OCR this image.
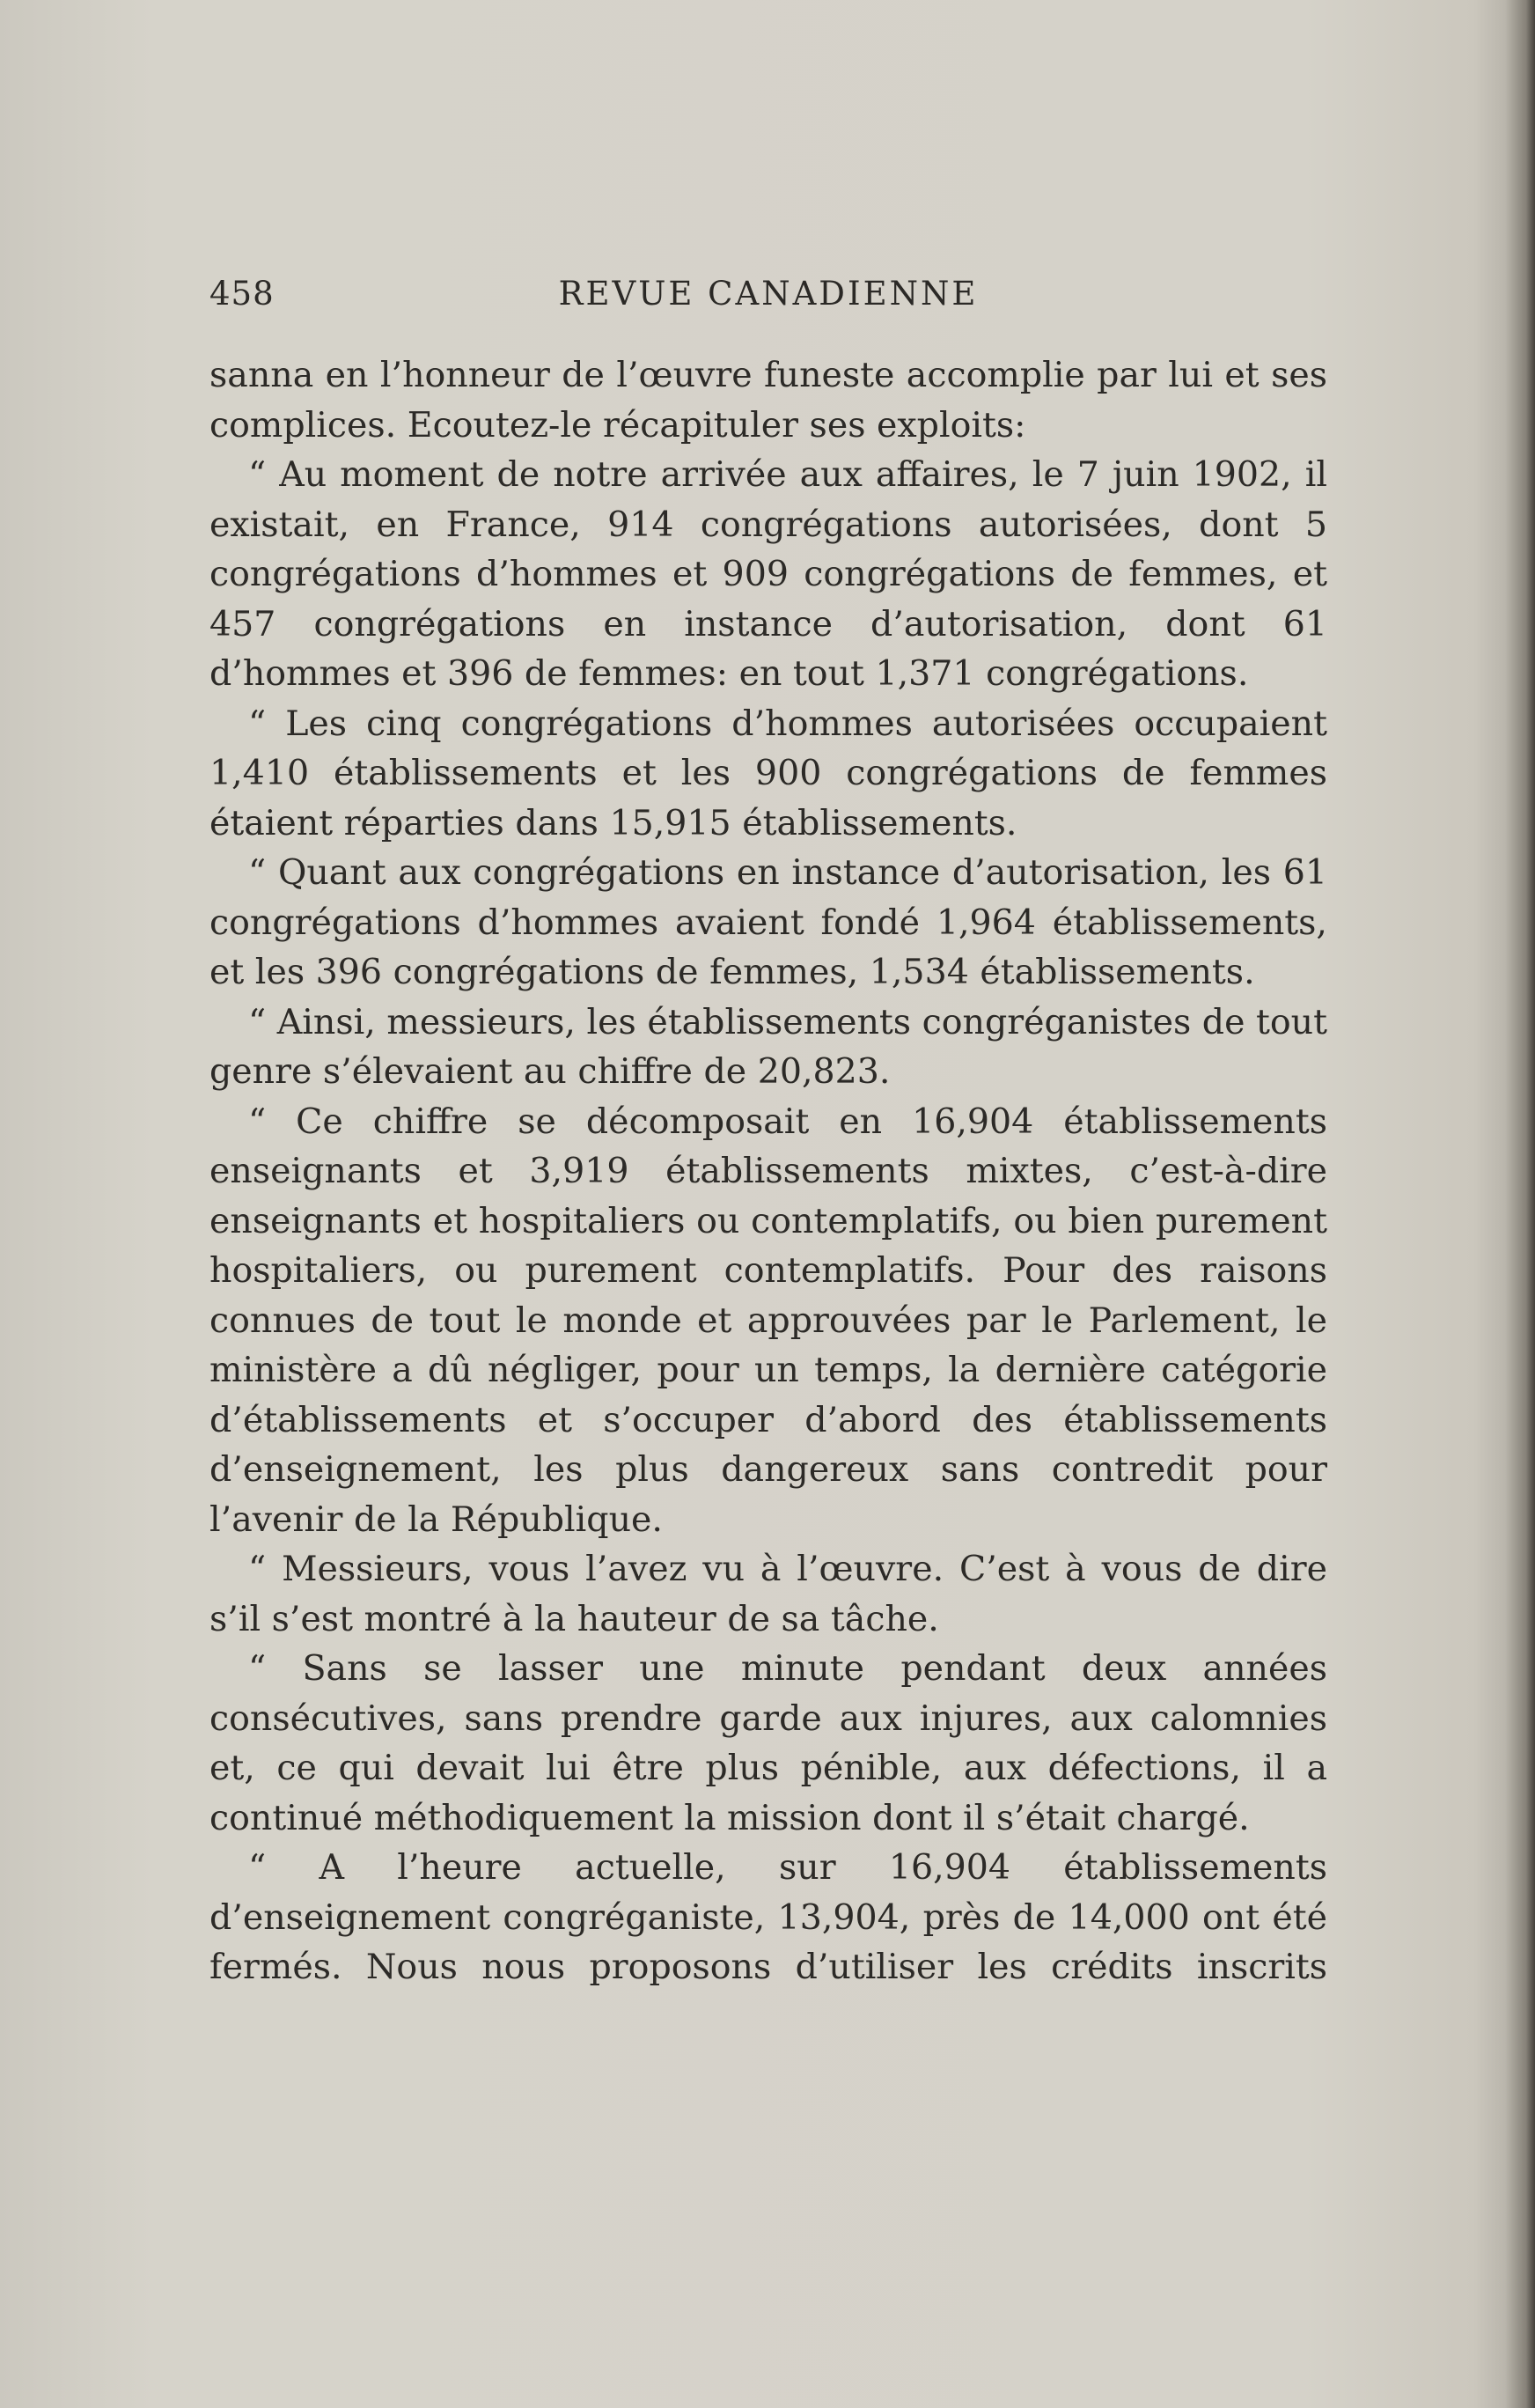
458	REVUE CANADIENNE

sanna en l’honneur de l’œuvre funeste accomplie par lui et ses complices. Ecoutez-le récapituler ses exploits:

“ Au moment de notre arrivée aux affaires, le 7 juin 1902, il existait, en France, 914 congrégations autorisées, dont 5 congrégations d’hommes et 909 congrégations de femmes, et 457 congrégations en instance d’autorisation, dont 61 d’hommes et 396 de femmes: en tout 1,371 congrégations.

“ Les cinq congrégations d’hommes autorisées occupaient 1,410 établissements et les 900 congrégations de femmes étaient réparties dans 15,915 établissements.

“ Quant aux congrégations en instance d’autorisation, les 61 congrégations d’hommes avaient fondé 1,964 établissements, et les 396 congrégations de femmes, 1,534 établissements.

“ Ainsi, messieurs, les établissements congréganistes de tout genre s’élevaient au chiffre de 20,823.

“ Ce chiffre se décomposait en 16,904 établissements enseignants et 3,919 établissements mixtes, c’est-à-dire enseignants et hospitaliers ou contemplatifs, ou bien purement hospitaliers, ou purement contemplatifs. Pour des raisons connues de tout le monde et approuvées par le Parlement, le ministère a dû négliger, pour un temps, la dernière catégorie d’établissements et s’occuper d’abord des établissements d’enseignement, les plus dangereux sans contredit pour l’avenir de la République.

“ Messieurs, vous l’avez vu à l’œuvre. C’est à vous de dire s’il s’est montré à la hauteur de sa tâche.

“ Sans se lasser une minute pendant deux années consécutives, sans prendre garde aux injures, aux calomnies et, ce qui devait lui être plus pénible, aux défections, il a continué méthodiquement la mission dont il s’était chargé.

“ A l’heure actuelle, sur 16,904 établissements d’enseignement congréganiste, 13,904, près de 14,000 ont été fermés. Nous nous proposons d’utiliser les crédits inscrits
